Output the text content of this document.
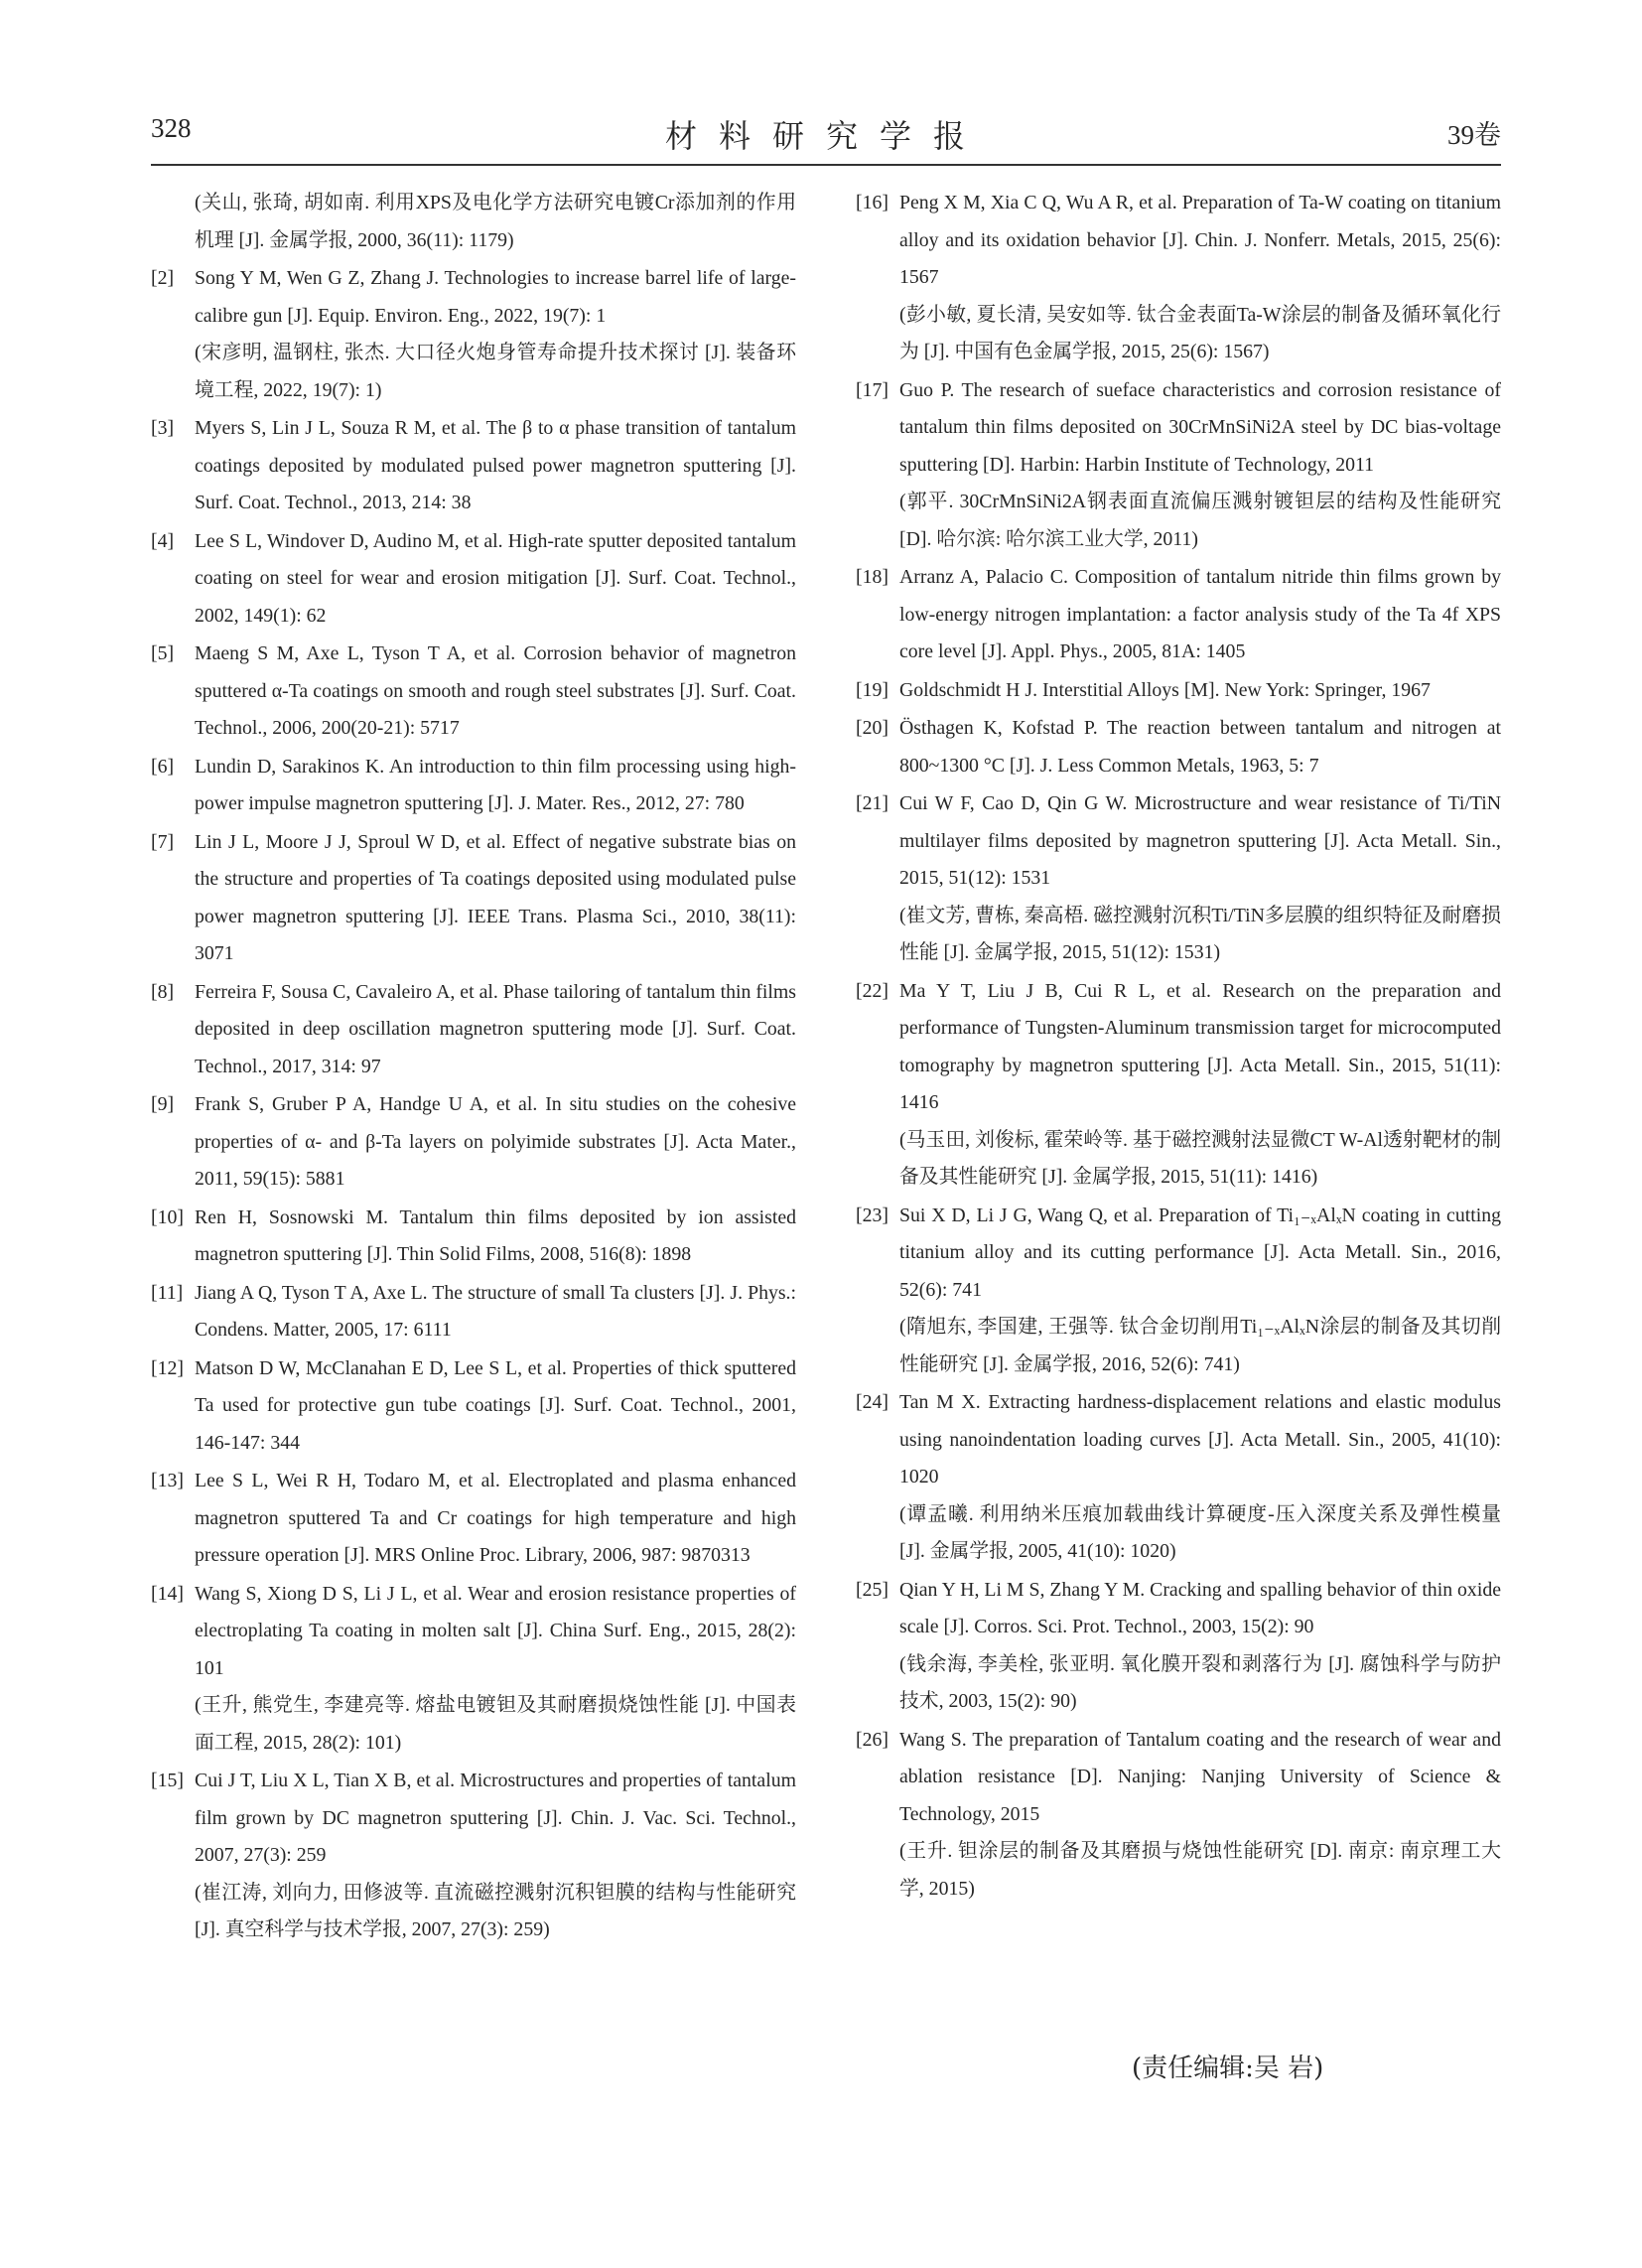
328	材料研究学报	39卷
(关山, 张琦, 胡如南. 利用XPS及电化学方法研究电镀Cr添加剂的作用机理 [J]. 金属学报, 2000, 36(11): 1179)
[2] Song Y M, Wen G Z, Zhang J. Technologies to increase barrel life of large-calibre gun [J]. Equip. Environ. Eng., 2022, 19(7): 1
(宋彦明, 温钢柱, 张杰. 大口径火炮身管寿命提升技术探讨 [J]. 装备环境工程, 2022, 19(7): 1)
[3] Myers S, Lin J L, Souza R M, et al. The β to α phase transition of tantalum coatings deposited by modulated pulsed power magnetron sputtering [J]. Surf. Coat. Technol., 2013, 214: 38
[4] Lee S L, Windover D, Audino M, et al. High-rate sputter deposited tantalum coating on steel for wear and erosion mitigation [J]. Surf. Coat. Technol., 2002, 149(1): 62
[5] Maeng S M, Axe L, Tyson T A, et al. Corrosion behavior of magnetron sputtered α-Ta coatings on smooth and rough steel substrates [J]. Surf. Coat. Technol., 2006, 200(20-21): 5717
[6] Lundin D, Sarakinos K. An introduction to thin film processing using high-power impulse magnetron sputtering [J]. J. Mater. Res., 2012, 27: 780
[7] Lin J L, Moore J J, Sproul W D, et al. Effect of negative substrate bias on the structure and properties of Ta coatings deposited using modulated pulse power magnetron sputtering [J]. IEEE Trans. Plasma Sci., 2010, 38(11): 3071
[8] Ferreira F, Sousa C, Cavaleiro A, et al. Phase tailoring of tantalum thin films deposited in deep oscillation magnetron sputtering mode [J]. Surf. Coat. Technol., 2017, 314: 97
[9] Frank S, Gruber P A, Handge U A, et al. In situ studies on the cohesive properties of α- and β-Ta layers on polyimide substrates [J]. Acta Mater., 2011, 59(15): 5881
[10] Ren H, Sosnowski M. Tantalum thin films deposited by ion assisted magnetron sputtering [J]. Thin Solid Films, 2008, 516(8): 1898
[11] Jiang A Q, Tyson T A, Axe L. The structure of small Ta clusters [J]. J. Phys.: Condens. Matter, 2005, 17: 6111
[12] Matson D W, McClanahan E D, Lee S L, et al. Properties of thick sputtered Ta used for protective gun tube coatings [J]. Surf. Coat. Technol., 2001, 146-147: 344
[13] Lee S L, Wei R H, Todaro M, et al. Electroplated and plasma enhanced magnetron sputtered Ta and Cr coatings for high temperature and high pressure operation [J]. MRS Online Proc. Library, 2006, 987: 9870313
[14] Wang S, Xiong D S, Li J L, et al. Wear and erosion resistance properties of electroplating Ta coating in molten salt [J]. China Surf. Eng., 2015, 28(2): 101
(王升, 熊党生, 李建亮等. 熔盐电镀钽及其耐磨损烧蚀性能 [J]. 中国表面工程, 2015, 28(2): 101)
[15] Cui J T, Liu X L, Tian X B, et al. Microstructures and properties of tantalum film grown by DC magnetron sputtering [J]. Chin. J. Vac. Sci. Technol., 2007, 27(3): 259
(崔江涛, 刘向力, 田修波等. 直流磁控溅射沉积钽膜的结构与性能研究 [J]. 真空科学与技术学报, 2007, 27(3): 259)
[16] Peng X M, Xia C Q, Wu A R, et al. Preparation of Ta-W coating on titanium alloy and its oxidation behavior [J]. Chin. J. Nonferr. Metals, 2015, 25(6): 1567
(彭小敏, 夏长清, 吴安如等. 钛合金表面Ta-W涂层的制备及循环氧化行为 [J]. 中国有色金属学报, 2015, 25(6): 1567)
[17] Guo P. The research of sueface characteristics and corrosion resistance of tantalum thin films deposited on 30CrMnSiNi2A steel by DC bias-voltage sputtering [D]. Harbin: Harbin Institute of Technology, 2011
(郭平. 30CrMnSiNi2A钢表面直流偏压溅射镀钽层的结构及性能研究 [D]. 哈尔滨: 哈尔滨工业大学, 2011)
[18] Arranz A, Palacio C. Composition of tantalum nitride thin films grown by low-energy nitrogen implantation: a factor analysis study of the Ta 4f XPS core level [J]. Appl. Phys., 2005, 81A: 1405
[19] Goldschmidt H J. Interstitial Alloys [M]. New York: Springer, 1967
[20] Östhagen K, Kofstad P. The reaction between tantalum and nitrogen at 800~1300 °C [J]. J. Less Common Metals, 1963, 5: 7
[21] Cui W F, Cao D, Qin G W. Microstructure and wear resistance of Ti/TiN multilayer films deposited by magnetron sputtering [J]. Acta Metall. Sin., 2015, 51(12): 1531
(崔文芳, 曹栋, 秦高梧. 磁控溅射沉积Ti/TiN多层膜的组织特征及耐磨损性能 [J]. 金属学报, 2015, 51(12): 1531)
[22] Ma Y T, Liu J B, Cui R L, et al. Research on the preparation and performance of Tungsten-Aluminum transmission target for microcomputed tomography by magnetron sputtering [J]. Acta Metall. Sin., 2015, 51(11): 1416
(马玉田, 刘俊标, 霍荣岭等. 基于磁控溅射法显微CT W-Al透射靶材的制备及其性能研究 [J]. 金属学报, 2015, 51(11): 1416)
[23] Sui X D, Li J G, Wang Q, et al. Preparation of Ti₁₋ₓAlₓN coating in cutting titanium alloy and its cutting performance [J]. Acta Metall. Sin., 2016, 52(6): 741
(隋旭东, 李国建, 王强等. 钛合金切削用Ti₁₋ₓAlₓN涂层的制备及其切削性能研究 [J]. 金属学报, 2016, 52(6): 741)
[24] Tan M X. Extracting hardness-displacement relations and elastic modulus using nanoindentation loading curves [J]. Acta Metall. Sin., 2005, 41(10): 1020
(谭孟曦. 利用纳米压痕加载曲线计算硬度-压入深度关系及弹性模量 [J]. 金属学报, 2005, 41(10): 1020)
[25] Qian Y H, Li M S, Zhang Y M. Cracking and spalling behavior of thin oxide scale [J]. Corros. Sci. Prot. Technol., 2003, 15(2): 90
(钱余海, 李美栓, 张亚明. 氧化膜开裂和剥落行为 [J]. 腐蚀科学与防护技术, 2003, 15(2): 90)
[26] Wang S. The preparation of Tantalum coating and the research of wear and ablation resistance [D]. Nanjing: Nanjing University of Science & Technology, 2015
(王升. 钽涂层的制备及其磨损与烧蚀性能研究 [D]. 南京: 南京理工大学, 2015)
(责任编辑:吴 岩)
